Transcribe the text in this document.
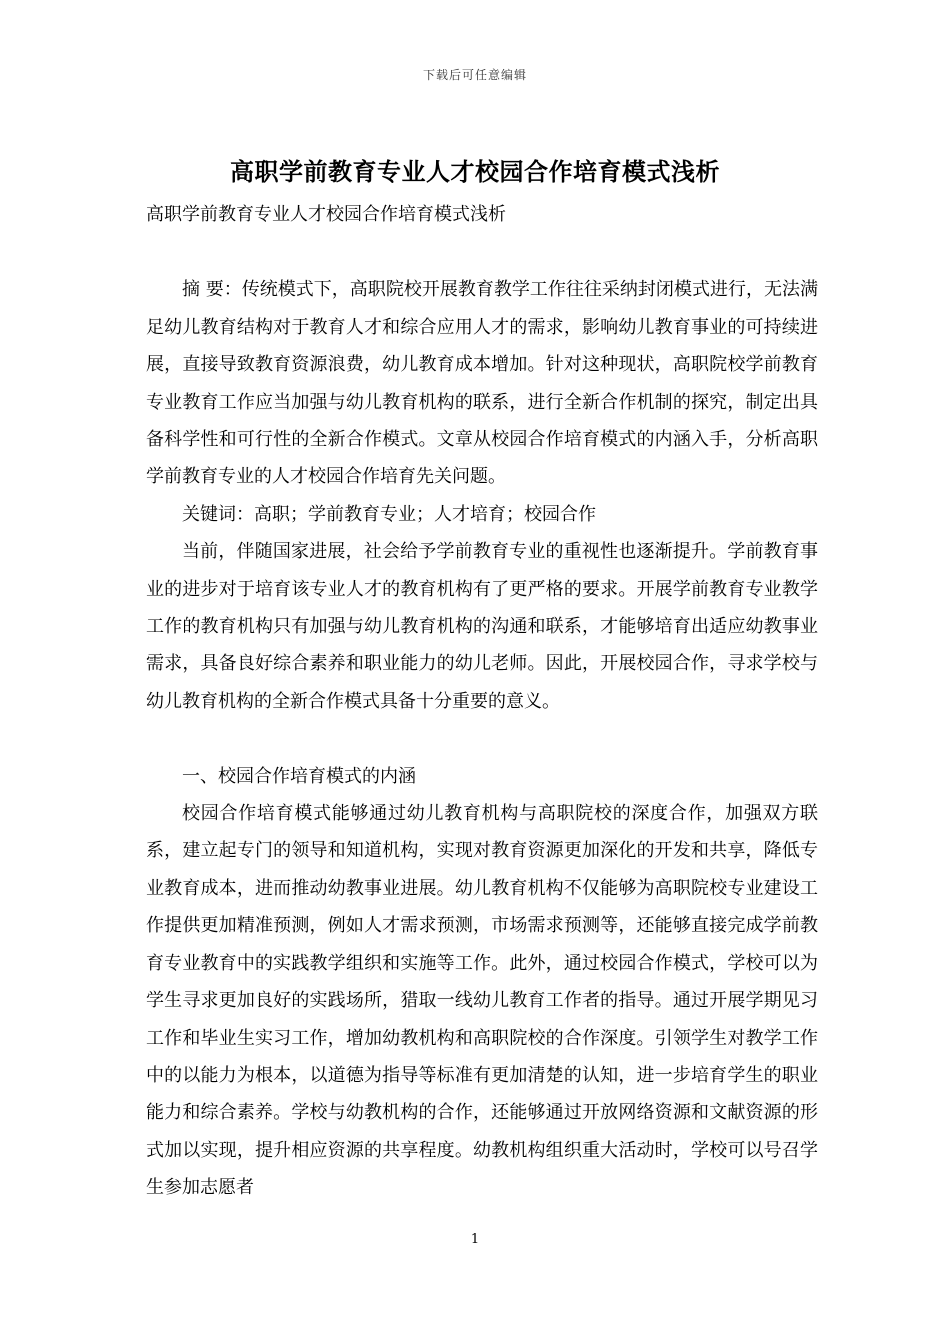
下载后可任意编辑
高职学前教育专业人才校园合作培育模式浅析

高职学前教育专业人才校园合作培育模式浅析

摘 要：传统模式下，高职院校开展教育教学工作往往采纳封闭模式进行，无法满足幼儿教育结构对于教育人才和综合应用人才的需求，影响幼儿教育事业的可持续进展，直接导致教育资源浪费，幼儿教育成本增加。针对这种现状，高职院校学前教育专业教育工作应当加强与幼儿教育机构的联系，进行全新合作机制的探究，制定出具备科学性和可行性的全新合作模式。文章从校园合作培育模式的内涵入手，分析高职学前教育专业的人才校园合作培育先关问题。

关键词：高职；学前教育专业；人才培育；校园合作

当前，伴随国家进展，社会给予学前教育专业的重视性也逐渐提升。学前教育事业的进步对于培育该专业人才的教育机构有了更严格的要求。开展学前教育专业教学工作的教育机构只有加强与幼儿教育机构的沟通和联系，才能够培育出适应幼教事业需求，具备良好综合素养和职业能力的幼儿老师。因此，开展校园合作，寻求学校与幼儿教育机构的全新合作模式具备十分重要的意义。

一、校园合作培育模式的内涵

校园合作培育模式能够通过幼儿教育机构与高职院校的深度合作，加强双方联系，建立起专门的领导和知道机构，实现对教育资源更加深化的开发和共享，降低专业教育成本，进而推动幼教事业进展。幼儿教育机构不仅能够为高职院校专业建设工作提供更加精准预测，例如人才需求预测，市场需求预测等，还能够直接完成学前教育专业教育中的实践教学组织和实施等工作。此外，通过校园合作模式，学校可以为学生寻求更加良好的实践场所，猎取一线幼儿教育工作者的指导。通过开展学期见习工作和毕业生实习工作，增加幼教机构和高职院校的合作深度。引领学生对教学工作中的以能力为根本，以道德为指导等标准有更加清楚的认知，进一步培育学生的职业能力和综合素养。学校与幼教机构的合作，还能够通过开放网络资源和文献资源的形式加以实现，提升相应资源的共享程度。幼教机构组织重大活动时，学校可以号召学生参加志愿者

1
